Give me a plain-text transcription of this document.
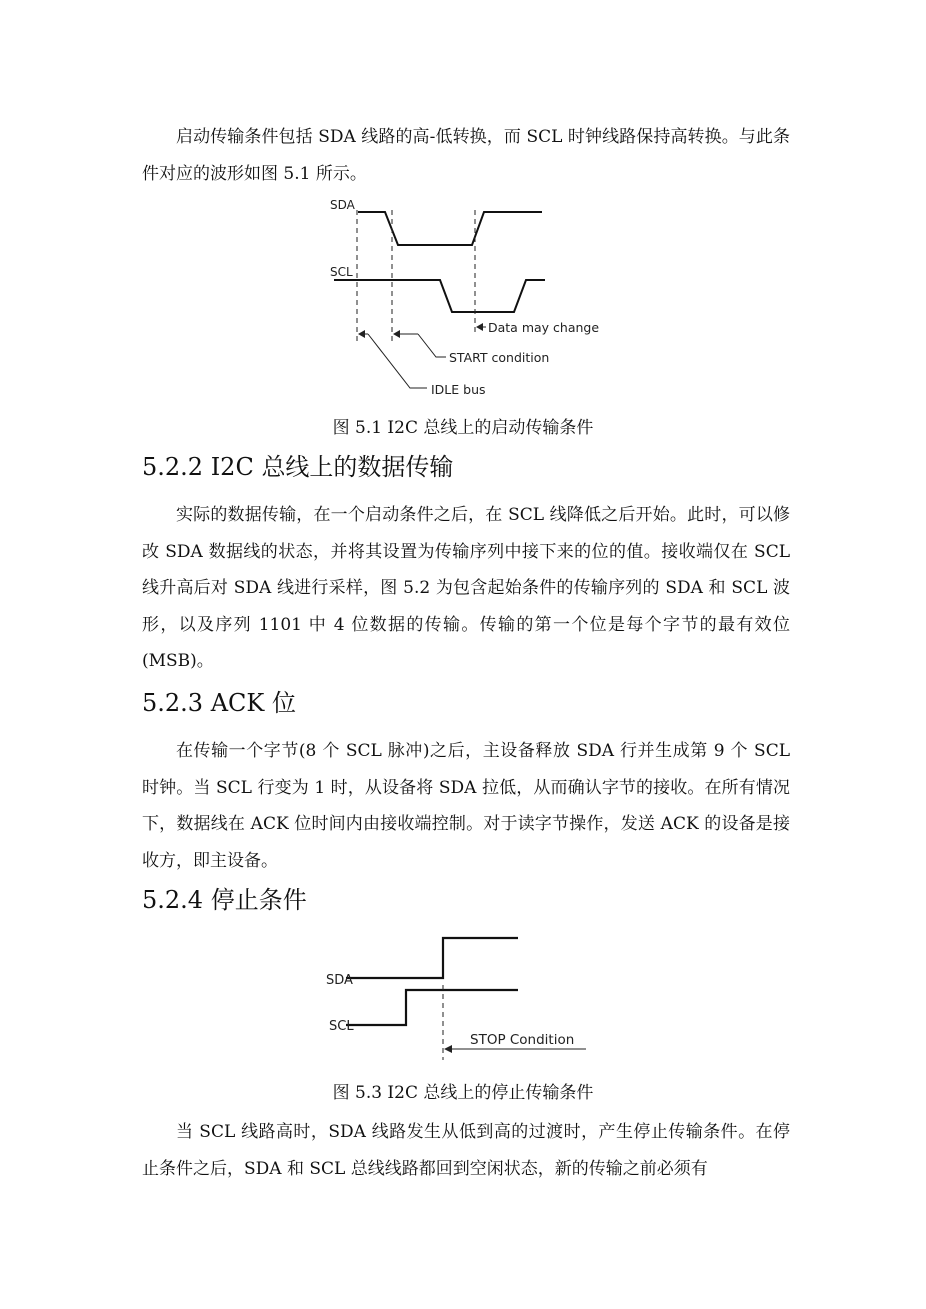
启动传输条件包括 SDA 线路的高-低转换，而 SCL 时钟线路保持高转换。与此条件对应的波形如图 5.1 所示。

SDA
SCL
Data may change
START condition
IDLE bus
SDA
SCL
STOP Condition

图 5.1 I2C 总线上的启动传输条件

5.2.2 I2C 总线上的数据传输

实际的数据传输，在一个启动条件之后，在 SCL 线降低之后开始。此时，可以修改 SDA 数据线的状态，并将其设置为传输序列中接下来的位的值。接收端仅在 SCL 线升高后对 SDA 线进行采样，图 5.2 为包含起始条件的传输序列的 SDA 和 SCL 波形，以及序列 1101 中 4 位数据的传输。传输的第一个位是每个字节的最有效位(MSB)。

5.2.3 ACK 位

在传输一个字节(8 个 SCL 脉冲)之后，主设备释放 SDA 行并生成第 9 个 SCL 时钟。当 SCL 行变为 1 时，从设备将 SDA 拉低，从而确认字节的接收。在所有情况下，数据线在 ACK 位时间内由接收端控制。对于读字节操作，发送 ACK 的设备是接收方，即主设备。

5.2.4 停止条件

图 5.3 I2C 总线上的停止传输条件

当 SCL 线路高时，SDA 线路发生从低到高的过渡时，产生停止传输条件。在停止条件之后，SDA 和 SCL 总线线路都回到空闲状态，新的传输之前必须有
